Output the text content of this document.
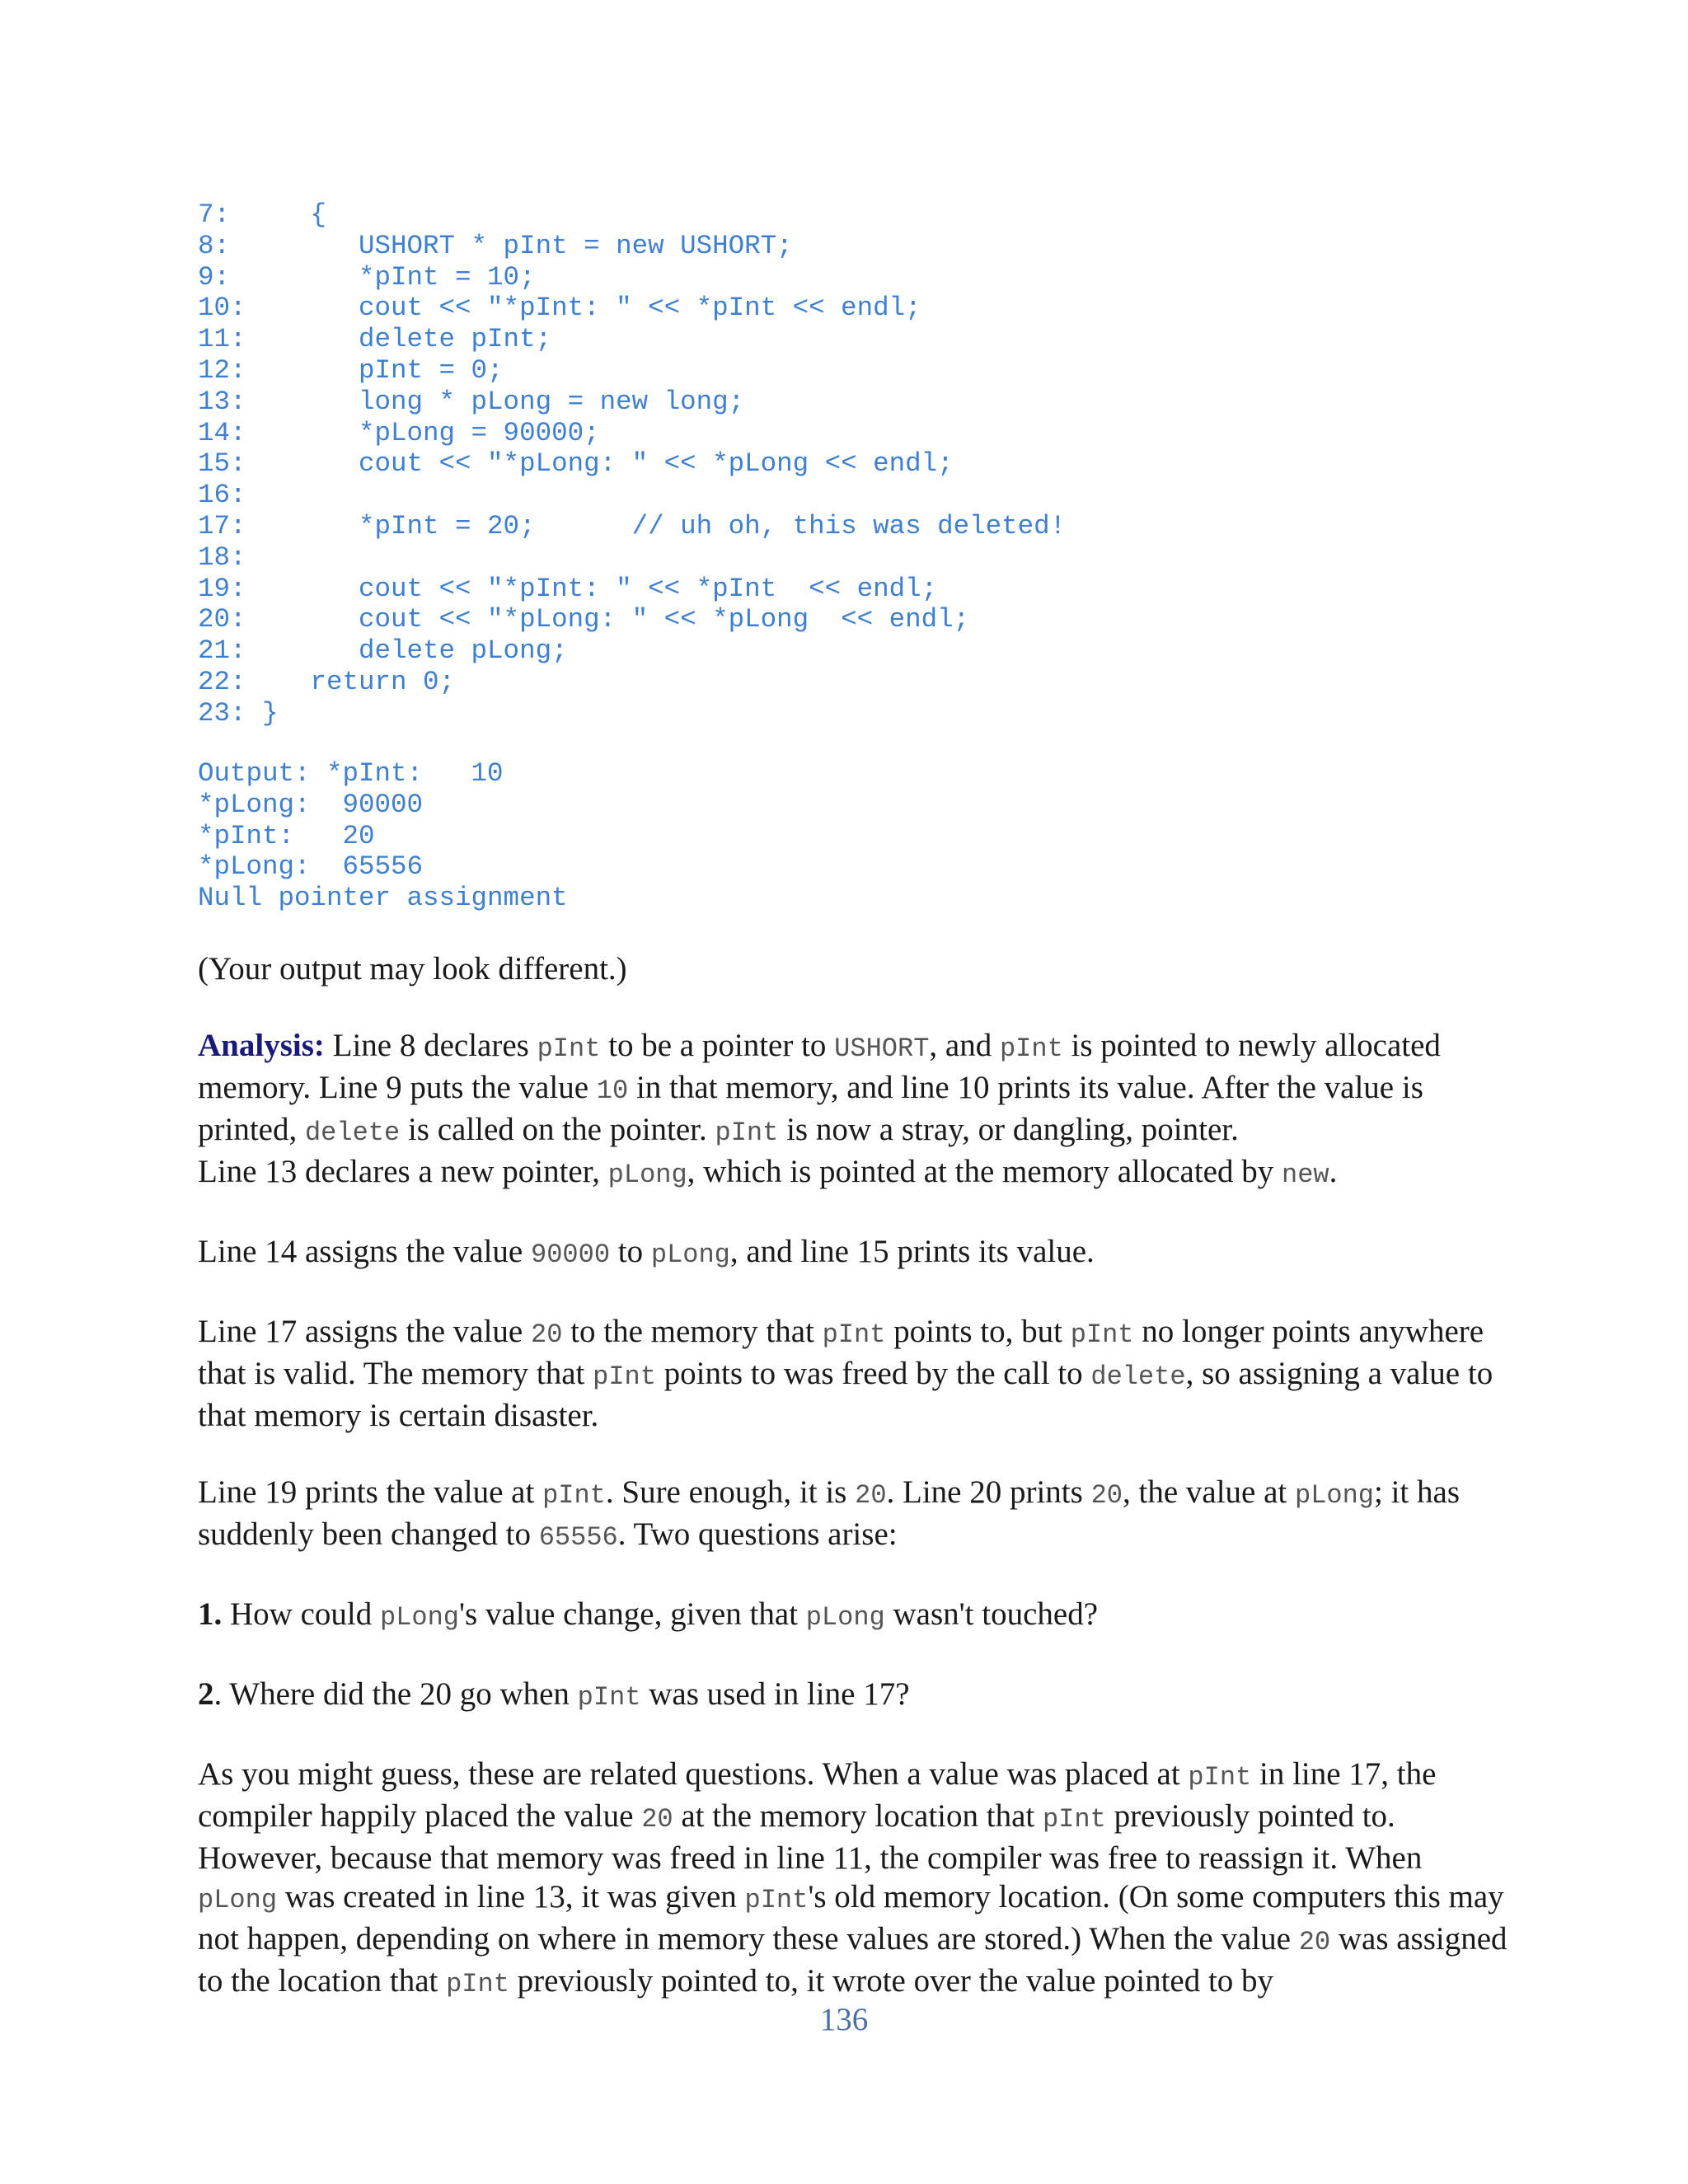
7:     {
8:        USHORT * pInt = new USHORT;
9:        *pInt = 10;
10:       cout << "*pInt: " << *pInt << endl;
11:       delete pInt;
12:       pInt = 0;
13:       long * pLong = new long;
14:       *pLong = 90000;
15:       cout << "*pLong: " << *pLong << endl;
16:
17:       *pInt = 20;      // uh oh, this was deleted!
18:
19:       cout << "*pInt: " << *pInt  << endl;
20:       cout << "*pLong: " << *pLong  << endl;
21:       delete pLong;
22:    return 0;
23: }
Output: *pInt:   10
*pLong:  90000
*pInt:   20
*pLong:  65556
Null pointer assignment

(Your output may look different.)

Analysis: Line 8 declares pInt to be a pointer to USHORT, and pInt is pointed to newly allocated memory. Line 9 puts the value 10 in that memory, and line 10 prints its value. After the value is printed, delete is called on the pointer. pInt is now a stray, or dangling, pointer.

Line 13 declares a new pointer, pLong, which is pointed at the memory allocated by new.

Line 14 assigns the value 90000 to pLong, and line 15 prints its value.

Line 17 assigns the value 20 to the memory that pInt points to, but pInt no longer points anywhere that is valid. The memory that pInt points to was freed by the call to delete, so assigning a value to that memory is certain disaster.

Line 19 prints the value at pInt. Sure enough, it is 20. Line 20 prints 20, the value at pLong; it has suddenly been changed to 65556. Two questions arise:

1. How could pLong's value change, given that pLong wasn't touched?

2. Where did the 20 go when pInt was used in line 17?

As you might guess, these are related questions. When a value was placed at pInt in line 17, the compiler happily placed the value 20 at the memory location that pInt previously pointed to. However, because that memory was freed in line 11, the compiler was free to reassign it. When pLong was created in line 13, it was given pInt's old memory location. (On some computers this may not happen, depending on where in memory these values are stored.) When the value 20 was assigned to the location that pInt previously pointed to, it wrote over the value pointed to by

136
